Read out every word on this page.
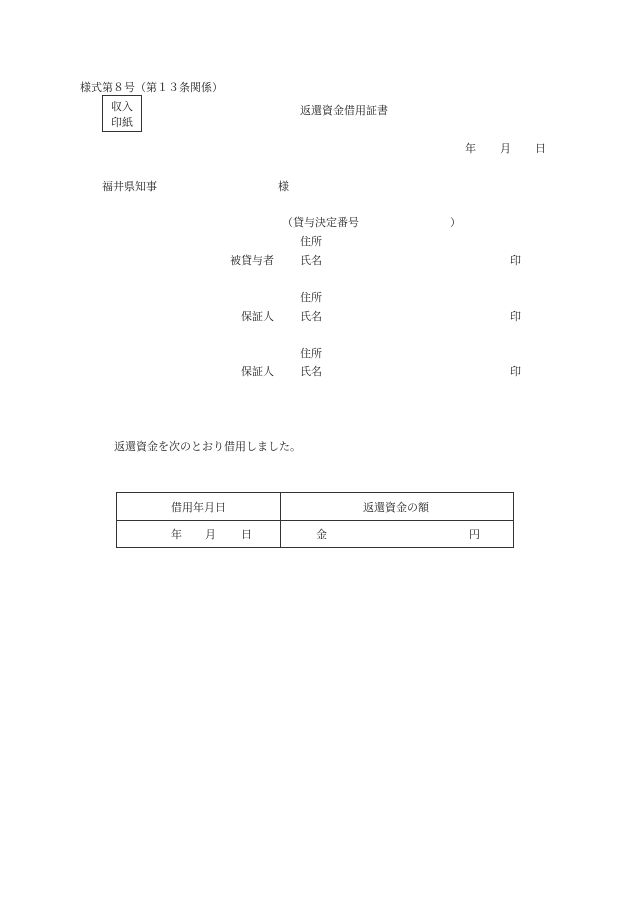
様式第８号（第１３条関係）
収入
印紙
返還資金借用証書
年 月 日
福井県知事	様
（貸与決定番号	）
住所
被貸与者 氏名	印
住所
保証人 氏名	印
住所
保証人 氏名	印
返還資金を次のとおり借用しました。
借用年月日	返還資金の額
年 月 日	金	円
